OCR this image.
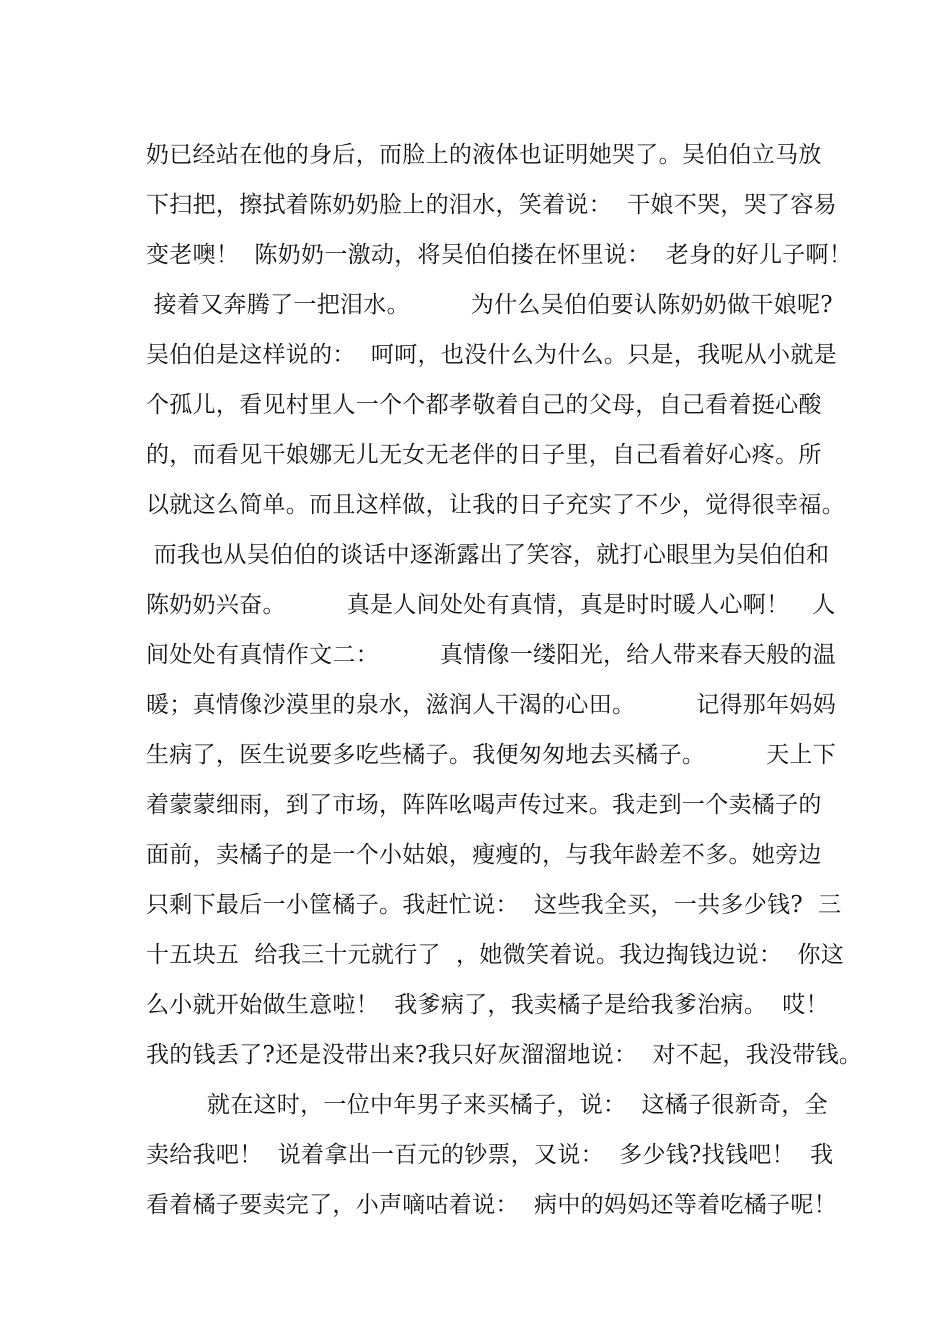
奶已经站在他的身后，而脸上的液体也证明她哭了。吴伯伯立马放
下扫把，擦拭着陈奶奶脸上的泪水，笑着说：  干娘不哭，哭了容易
变老噢！  陈奶奶一激动，将吴伯伯搂在怀里说：  老身的好儿子啊！
接着又奔腾了一把泪水。        为什么吴伯伯要认陈奶奶做干娘呢?
吴伯伯是这样说的：  呵呵，也没什么为什么。只是，我呢从小就是
个孤儿，看见村里人一个个都孝敬着自己的父母，自己看着挺心酸
的，而看见干娘娜无儿无女无老伴的日子里，自己看着好心疼。所
以就这么简单。而且这样做，让我的日子充实了不少，觉得很幸福。
而我也从吴伯伯的谈话中逐渐露出了笑容，就打心眼里为吴伯伯和
陈奶奶兴奋。        真是人间处处有真情，真是时时暖人心啊！   人
间处处有真情作文二：        真情像一缕阳光，给人带来春天般的温
暖；真情像沙漠里的泉水，滋润人干渴的心田。        记得那年妈妈
生病了，医生说要多吃些橘子。我便匆匆地去买橘子。        天上下
着蒙蒙细雨，到了市场，阵阵吆喝声传过来。我走到一个卖橘子的
面前，卖橘子的是一个小姑娘，瘦瘦的，与我年龄差不多。她旁边
只剩下最后一小筐橘子。我赶忙说：  这些我全买，一共多少钱?  三
十五块五  给我三十元就行了  ，她微笑着说。我边掏钱边说：  你这
么小就开始做生意啦！  我爹病了，我卖橘子是给我爹治病。  哎！
我的钱丢了?还是没带出来?我只好灰溜溜地说：  对不起，我没带钱。
就在这时，一位中年男子来买橘子，说：  这橘子很新奇，全
卖给我吧！  说着拿出一百元的钞票，又说：  多少钱?找钱吧！  我
看着橘子要卖完了，小声嘀咕着说：  病中的妈妈还等着吃橘子呢！
